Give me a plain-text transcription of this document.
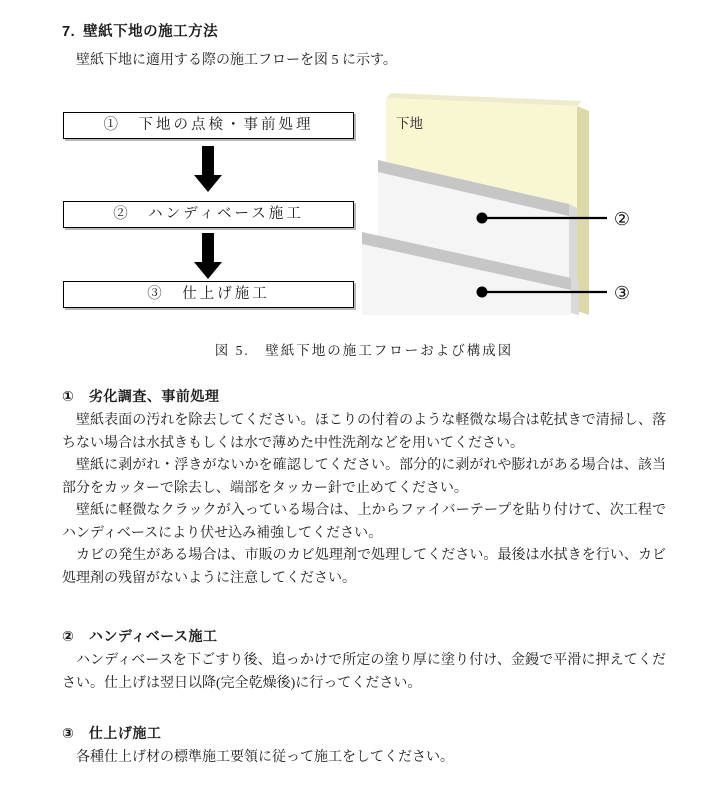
7. 壁紙下地の施工方法
壁紙下地に適用する際の施工フローを図 5 に示す。
①　下地の点検・事前処理
②　ハンディベース施工
③　仕上げ施工
下地
②
③
図 5.　壁紙下地の施工フローおよび構成図
①　劣化調査、事前処理

壁紙表面の汚れを除去してください。ほこりの付着のような軽微な場合は乾拭きで清掃し、落ちない場合は水拭きもしくは水で薄めた中性洗剤などを用いてください。

壁紙に剥がれ・浮きがないかを確認してください。部分的に剥がれや膨れがある場合は、該当部分をカッターで除去し、端部をタッカー針で止めてください。

壁紙に軽微なクラックが入っている場合は、上からファイバーテープを貼り付けて、次工程でハンディベースにより伏せ込み補強してください。

カビの発生がある場合は、市販のカビ処理剤で処理してください。最後は水拭きを行い、カビ処理剤の残留がないように注意してください。

②　ハンディベース施工

ハンディベースを下ごすり後、追っかけで所定の塗り厚に塗り付け、金鏝で平滑に押えてください。仕上げは翌日以降(完全乾燥後)に行ってください。

③　仕上げ施工

各種仕上げ材の標準施工要領に従って施工をしてください。
